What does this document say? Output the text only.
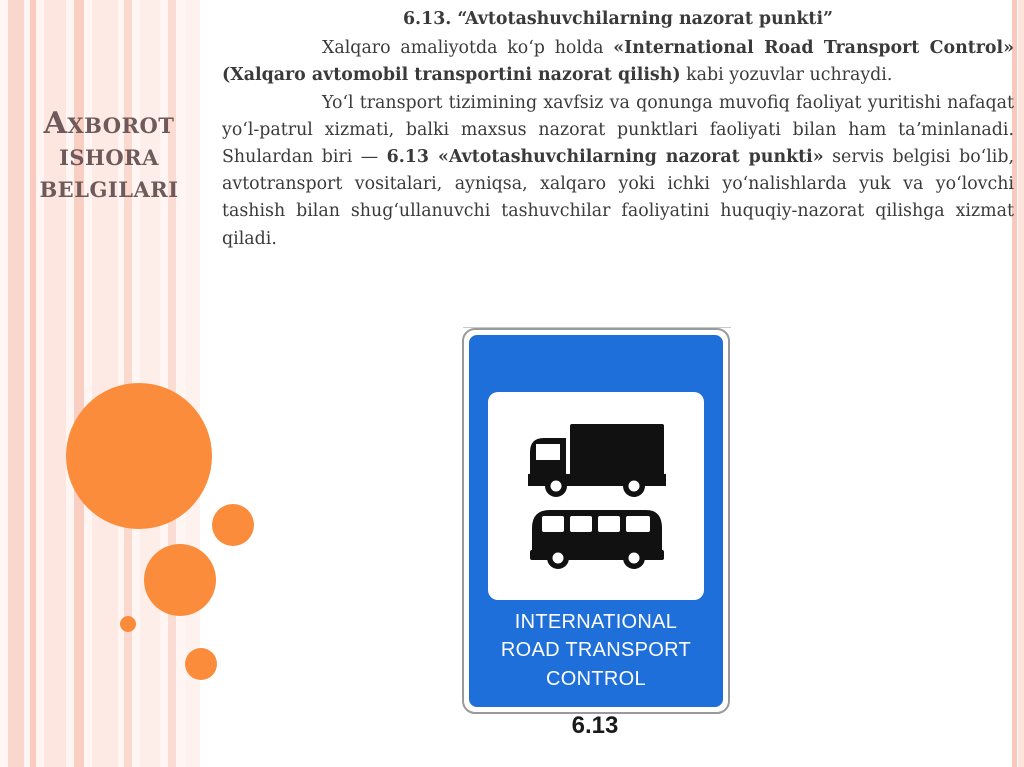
Axborot
ishora
belgilari
6.13. “Avtotashuvchilarning nazorat punkti”

Xalqaro amaliyotda koʻp holda «International Road Transport Control» (Xalqaro avtomobil transportini nazorat qilish) kabi yozuvlar uchraydi.

Yoʻl transport tizimining xavfsiz va qonunga muvofiq faoliyat yuritishi nafaqat yoʻl-patrul xizmati, balki maxsus nazorat punktlari faoliyati bilan ham taʼminlanadi. Shulardan biri — 6.13 «Avtotashuvchilarning nazorat punkti» servis belgisi boʻlib, avtotransport vositalari, ayniqsa, xalqaro yoki ichki yoʻnalishlarda yuk va yoʻlovchi tashish bilan shugʻullanuvchi tashuvchilar faoliyatini huquqiy-nazorat qilishga xizmat qiladi.

INTERNATIONAL
ROAD TRANSPORT
CONTROL
6.13
